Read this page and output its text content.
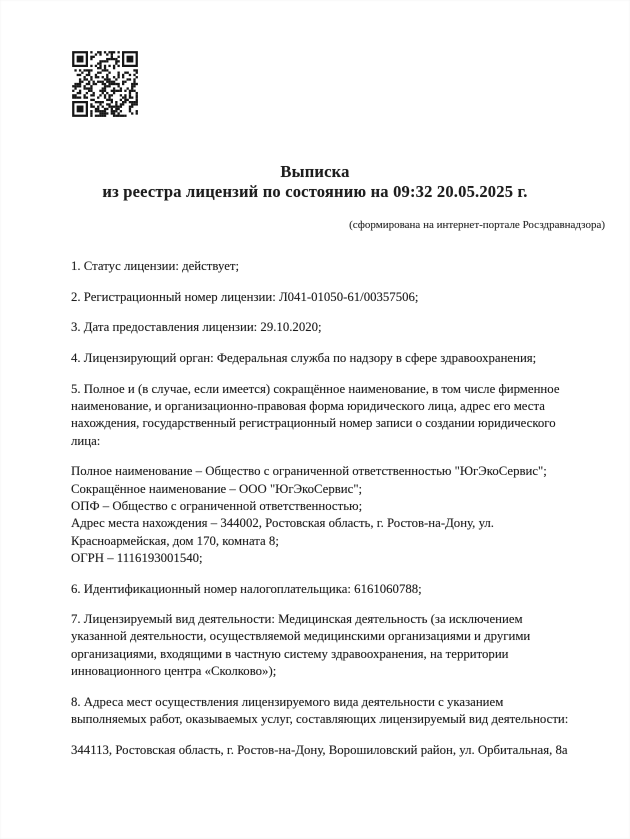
Выписка
из реестра лицензий по состоянию на 09:32 20.05.2025 г.
(сформирована на интернет-портале Росздравнадзора)
1. Статус лицензии: действует;
2. Регистрационный номер лицензии: Л041-01050-61/00357506;
3. Дата предоставления лицензии: 29.10.2020;
4. Лицензирующий орган: Федеральная служба по надзору в сфере здравоохранения;
5. Полное и (в случае, если имеется) сокращённое наименование, в том числе фирменное наименование, и организационно-правовая форма юридического лица, адрес его места нахождения, государственный регистрационный номер записи о создании юридического лица:
Полное наименование – Общество с ограниченной ответственностью "ЮгЭкоСервис";
Сокращённое наименование – ООО "ЮгЭкоСервис";
ОПФ – Общество с ограниченной ответственностью;
Адрес места нахождения – 344002, Ростовская область, г. Ростов-на-Дону, ул. Красноармейская, дом 170, комната 8;
ОГРН – 1116193001540;
6. Идентификационный номер налогоплательщика: 6161060788;
7. Лицензируемый вид деятельности: Медицинская деятельность (за исключением указанной деятельности, осуществляемой медицинскими организациями и другими организациями, входящими в частную систему здравоохранения, на территории инновационного центра «Сколково»);
8. Адреса мест осуществления лицензируемого вида деятельности с указанием выполняемых работ, оказываемых услуг, составляющих лицензируемый вид деятельности:
344113, Ростовская область, г. Ростов-на-Дону, Ворошиловский район, ул. Орбитальная, 8а
